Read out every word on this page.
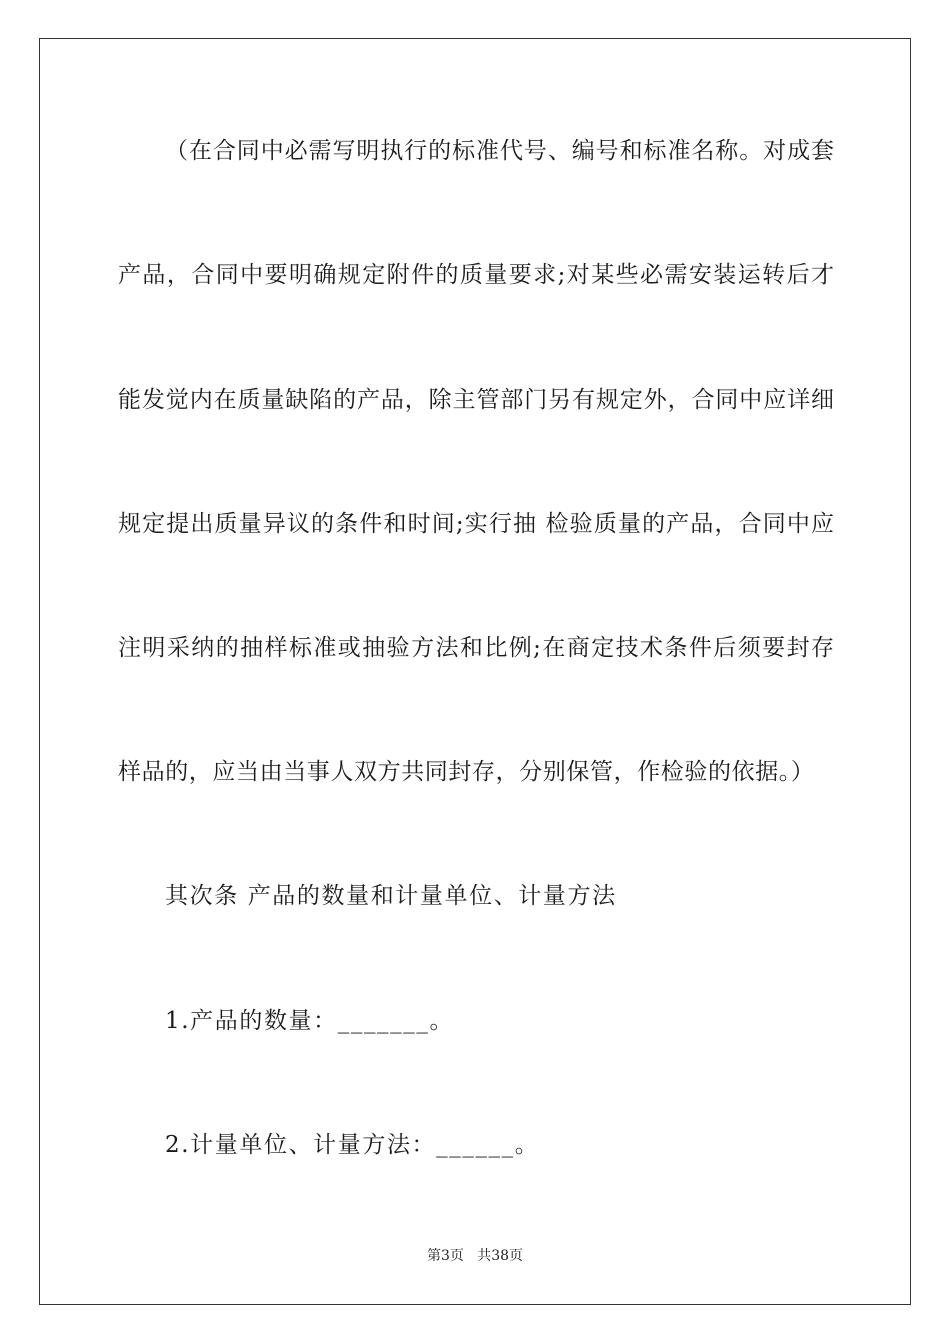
（在合同中必需写明执行的标准代号、编号和标准名称。对成套
产品，合同中要明确规定附件的质量要求;对某些必需安装运转后才
能发觉内在质量缺陷的产品，除主管部门另有规定外，合同中应详细
规定提出质量异议的条件和时间;实行抽 检验质量的产品，合同中应
注明采纳的抽样标准或抽验方法和比例;在商定技术条件后须要封存
样品的，应当由当事人双方共同封存，分别保管，作检验的依据。）
其次条 产品的数量和计量单位、计量方法
1.产品的数量：_______。
2.计量单位、计量方法：______。
第3页   共38页
